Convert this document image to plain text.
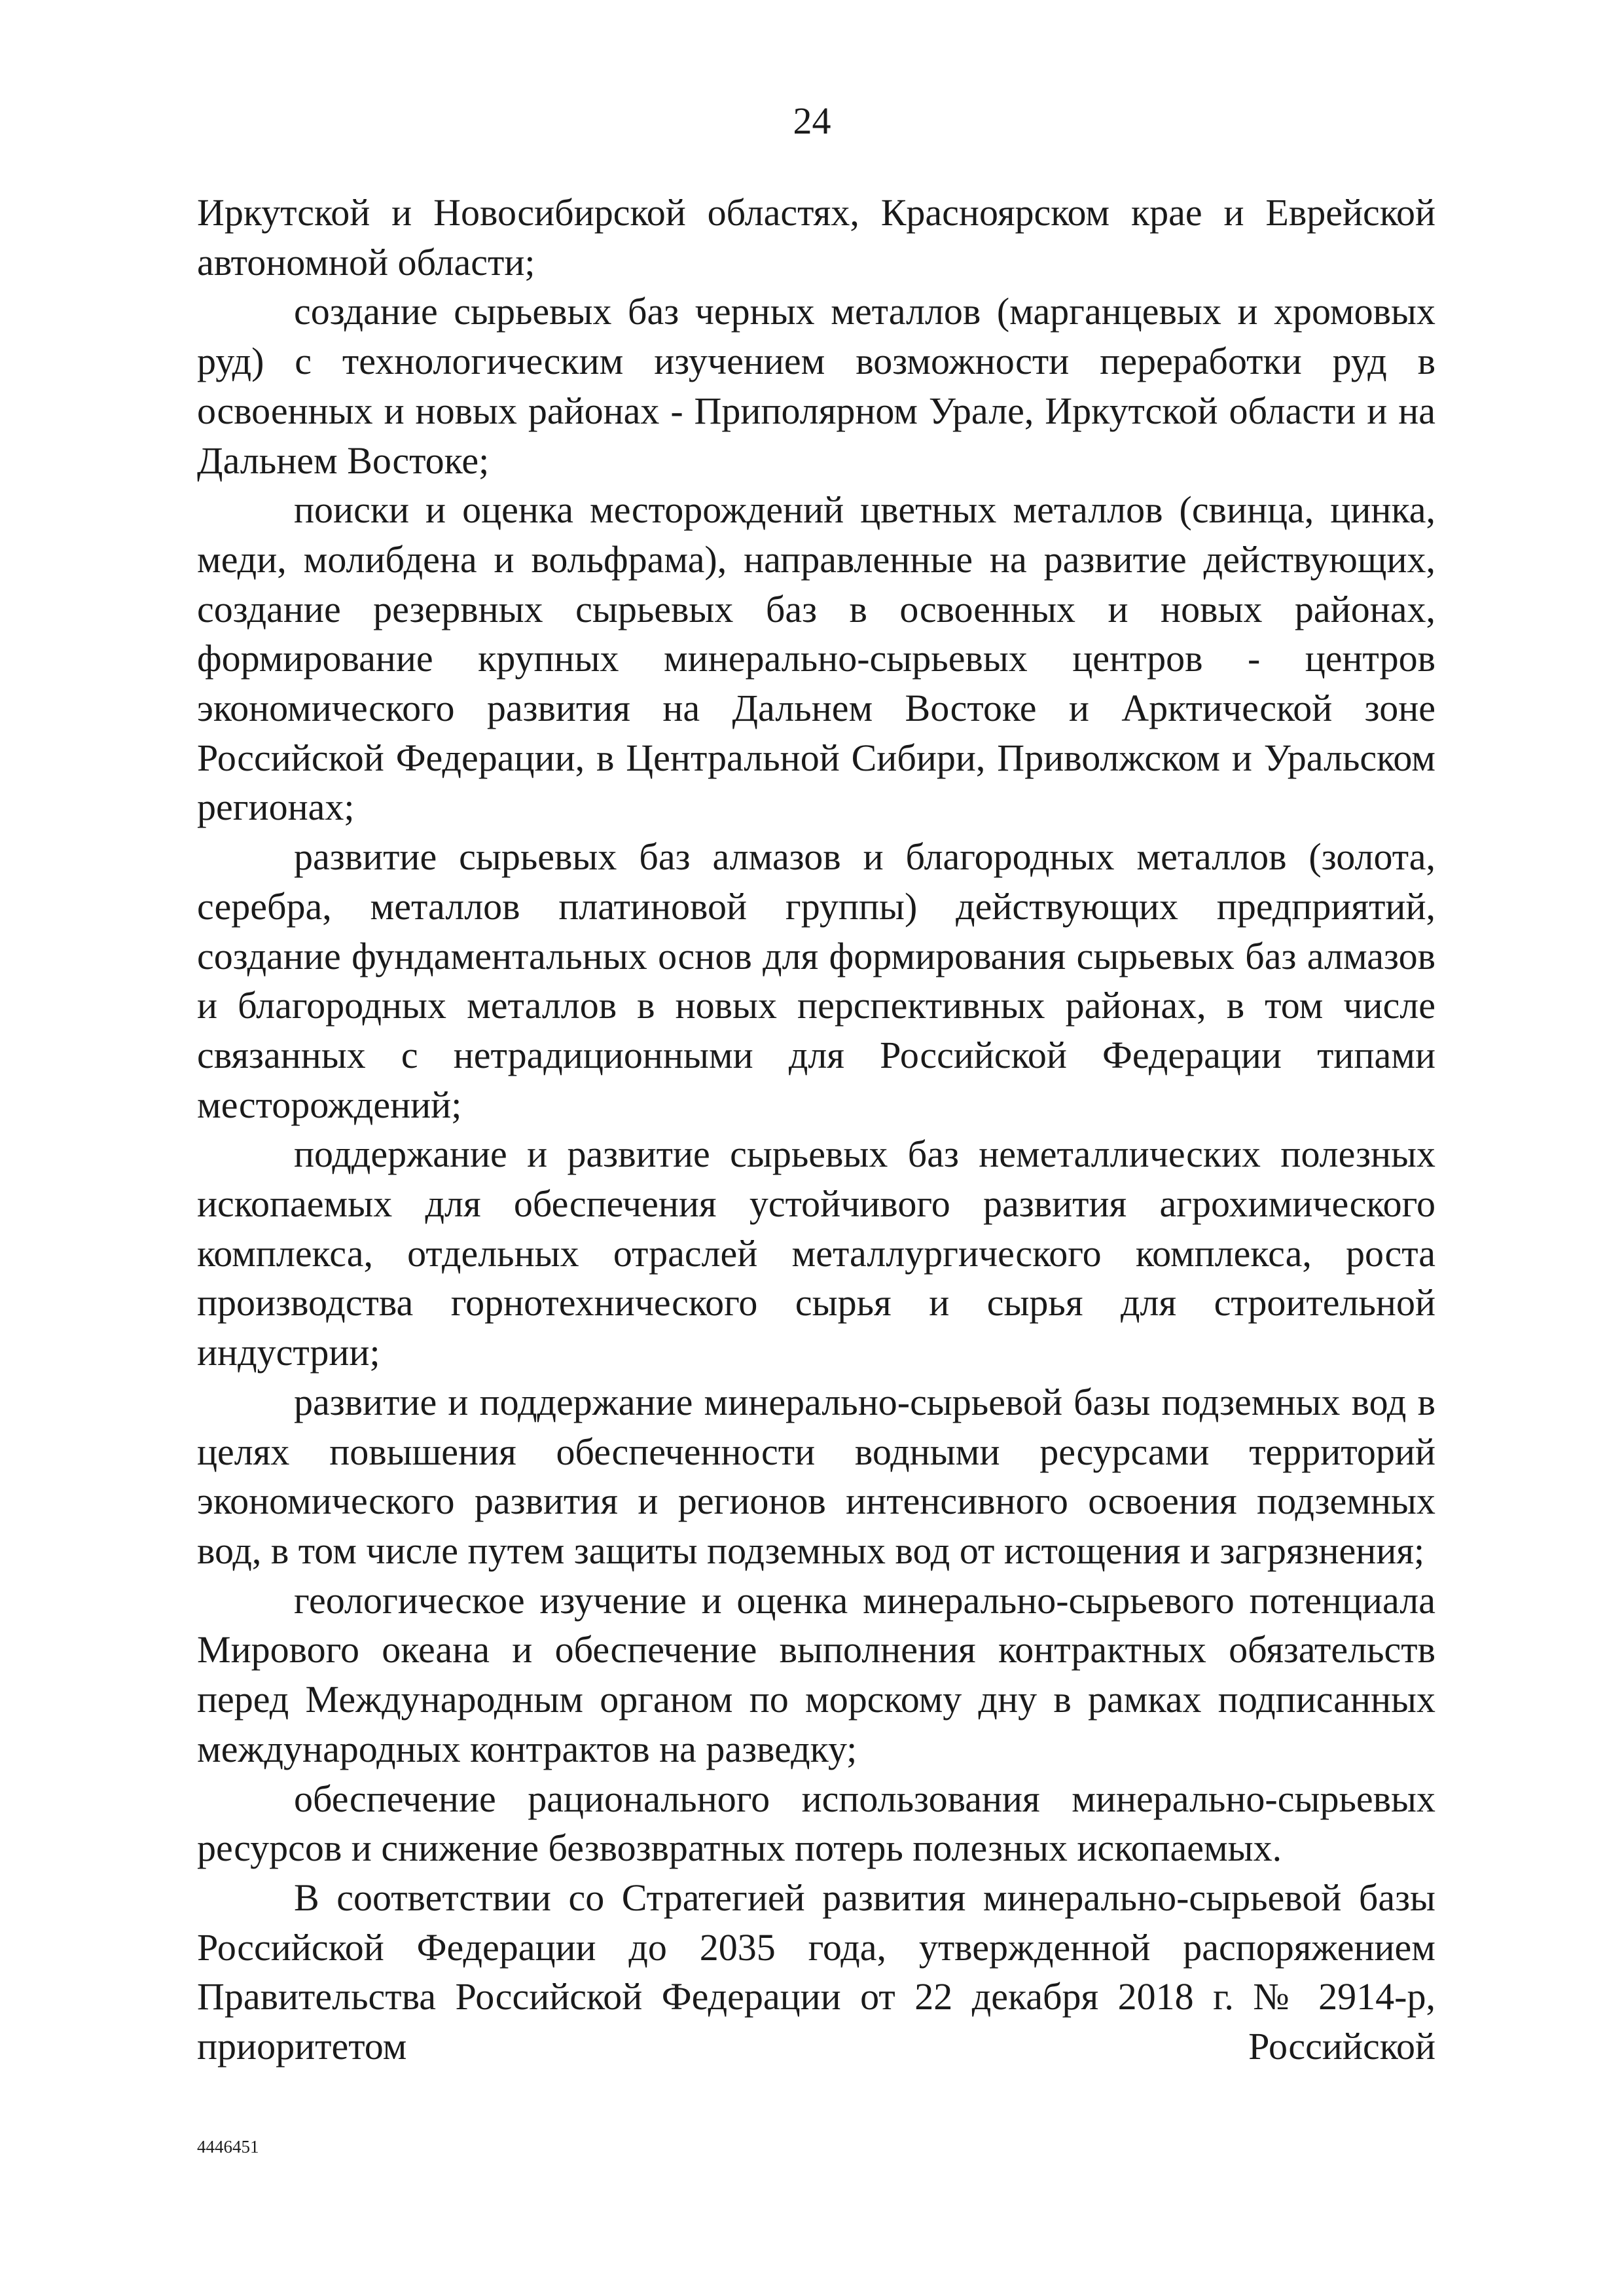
24

Иркутской и Новосибирской областях, Красноярском крае и Еврейской автономной области;

создание сырьевых баз черных металлов (марганцевых и хромовых руд) с технологическим изучением возможности переработки руд в освоенных и новых районах - Приполярном Урале, Иркутской области и на Дальнем Востоке;

поиски и оценка месторождений цветных металлов (свинца, цинка, меди, молибдена и вольфрама), направленные на развитие действующих, создание резервных сырьевых баз в освоенных и новых районах, формирование крупных минерально-сырьевых центров - центров экономического развития на Дальнем Востоке и Арктической зоне Российской Федерации, в Центральной Сибири, Приволжском и Уральском регионах;

развитие сырьевых баз алмазов и благородных металлов (золота, серебра, металлов платиновой группы) действующих предприятий, создание фундаментальных основ для формирования сырьевых баз алмазов и благородных металлов в новых перспективных районах, в том числе связанных с нетрадиционными для Российской Федерации типами месторождений;

поддержание и развитие сырьевых баз неметаллических полезных ископаемых для обеспечения устойчивого развития агрохимического комплекса, отдельных отраслей металлургического комплекса, роста производства горнотехнического сырья и сырья для строительной индустрии;

развитие и поддержание минерально-сырьевой базы подземных вод в целях повышения обеспеченности водными ресурсами территорий экономического развития и регионов интенсивного освоения подземных вод, в том числе путем защиты подземных вод от истощения и загрязнения;

геологическое изучение и оценка минерально-сырьевого потенциала Мирового океана и обеспечение выполнения контрактных обязательств перед Международным органом по морскому дну в рамках подписанных международных контрактов на разведку;

обеспечение рационального использования минерально-сырьевых ресурсов и снижение безвозвратных потерь полезных ископаемых.

В соответствии со Стратегией развития минерально-сырьевой базы Российской Федерации до 2035 года, утвержденной распоряжением Правительства Российской Федерации от 22 декабря 2018 г. № 2914-р, приоритетом Российской

4446451
